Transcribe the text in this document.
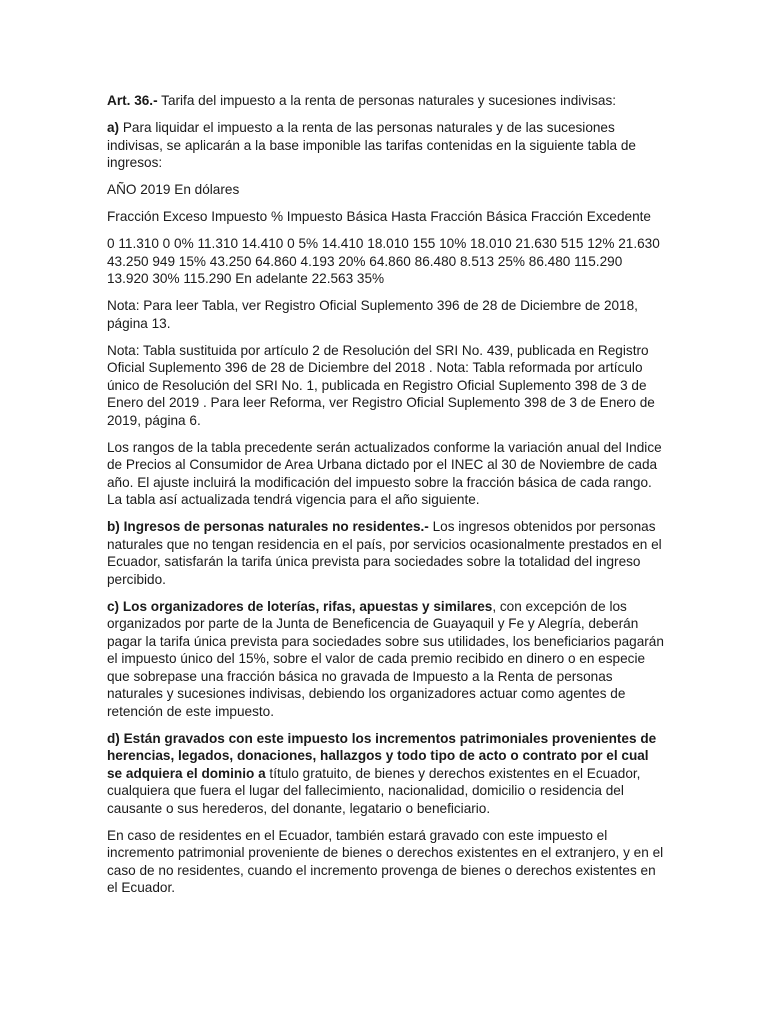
Art. 36.- Tarifa del impuesto a la renta de personas naturales y sucesiones indivisas:

a) Para liquidar el impuesto a la renta de las personas naturales y de las sucesiones indivisas, se aplicarán a la base imponible las tarifas contenidas en la siguiente tabla de ingresos:

AÑO 2019 En dólares

Fracción Exceso Impuesto % Impuesto Básica Hasta Fracción Básica Fracción Excedente

0 11.310 0 0% 11.310 14.410 0 5% 14.410 18.010 155 10% 18.010 21.630 515 12% 21.630 43.250 949 15% 43.250 64.860 4.193 20% 64.860 86.480 8.513 25% 86.480 115.290 13.920 30% 115.290 En adelante 22.563 35%

Nota: Para leer Tabla, ver Registro Oficial Suplemento 396 de 28 de Diciembre de 2018, página 13.

Nota: Tabla sustituida por artículo 2 de Resolución del SRI No. 439, publicada en Registro Oficial Suplemento 396 de 28 de Diciembre del 2018 . Nota: Tabla reformada por artículo único de Resolución del SRI No. 1, publicada en Registro Oficial Suplemento 398 de 3 de Enero del 2019 . Para leer Reforma, ver Registro Oficial Suplemento 398 de 3 de Enero de 2019, página 6.

Los rangos de la tabla precedente serán actualizados conforme la variación anual del Indice de Precios al Consumidor de Area Urbana dictado por el INEC al 30 de Noviembre de cada año. El ajuste incluirá la modificación del impuesto sobre la fracción básica de cada rango. La tabla así actualizada tendrá vigencia para el año siguiente.

b) Ingresos de personas naturales no residentes.- Los ingresos obtenidos por personas naturales que no tengan residencia en el país, por servicios ocasionalmente prestados en el Ecuador, satisfarán la tarifa única prevista para sociedades sobre la totalidad del ingreso percibido.

c) Los organizadores de loterías, rifas, apuestas y similares, con excepción de los organizados por parte de la Junta de Beneficencia de Guayaquil y Fe y Alegría, deberán pagar la tarifa única prevista para sociedades sobre sus utilidades, los beneficiarios pagarán el impuesto único del 15%, sobre el valor de cada premio recibido en dinero o en especie que sobrepase una fracción básica no gravada de Impuesto a la Renta de personas naturales y sucesiones indivisas, debiendo los organizadores actuar como agentes de retención de este impuesto.

d) Están gravados con este impuesto los incrementos patrimoniales provenientes de herencias, legados, donaciones, hallazgos y todo tipo de acto o contrato por el cual se adquiera el dominio a título gratuito, de bienes y derechos existentes en el Ecuador, cualquiera que fuera el lugar del fallecimiento, nacionalidad, domicilio o residencia del causante o sus herederos, del donante, legatario o beneficiario.

En caso de residentes en el Ecuador, también estará gravado con este impuesto el incremento patrimonial proveniente de bienes o derechos existentes en el extranjero, y en el caso de no residentes, cuando el incremento provenga de bienes o derechos existentes en el Ecuador.
